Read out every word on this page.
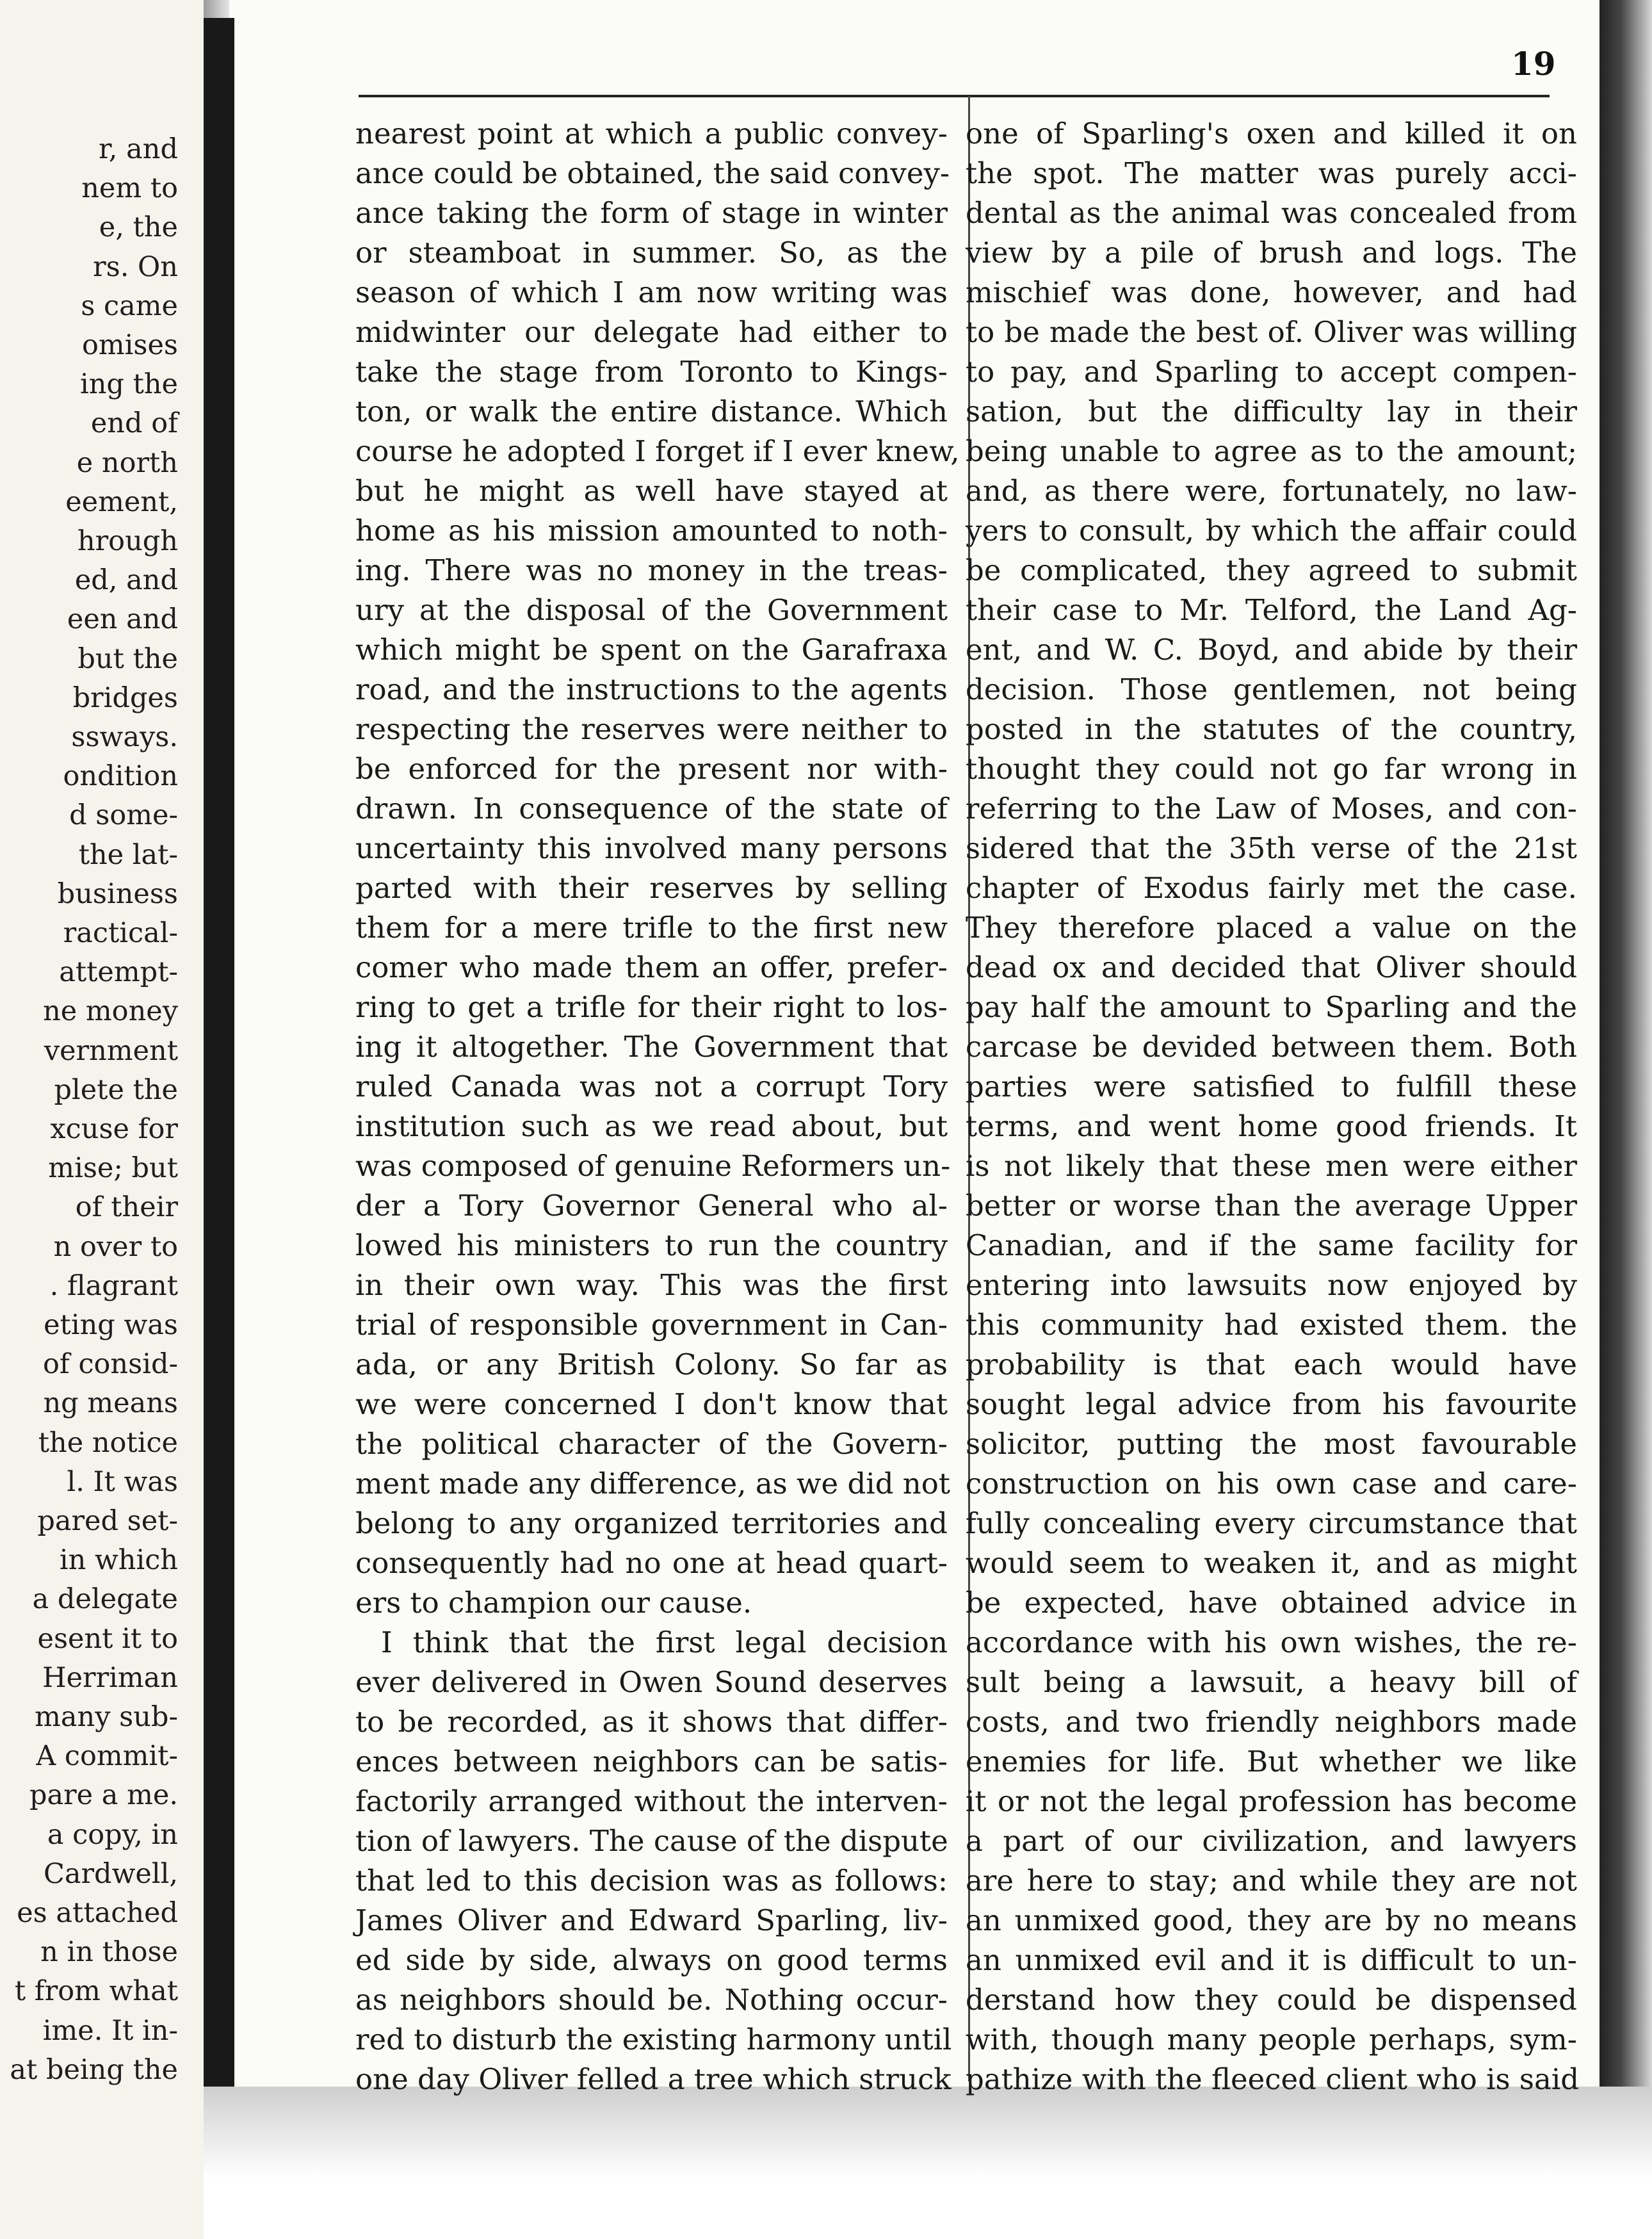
r, and
nem to
e, the
rs. On
s came
omises
ing the
end of
e north
eement,
hrough
ed, and
een and
but the
bridges
ssways.
ondition
d some-
the lat-
business
ractical-
attempt-
ne money
vernment
plete the
xcuse for
mise; but
of their
n over to
. flagrant
eting was
of consid-
ng means
the notice
l. It was
pared set-
in which
a delegate
esent it to
Herriman
many sub-
A commit-
pare a me.
a copy, in
Cardwell,
es attached
n in those
t from what
ime. It in-
at being the
19
nearest point at which a public convey-
ance could be obtained, the said convey-
ance taking the form of stage in winter
or steamboat in summer. So, as the
season of which I am now writing was
midwinter our delegate had either to
take the stage from Toronto to Kings-
ton, or walk the entire distance. Which
course he adopted I forget if I ever knew,
but he might as well have stayed at
home as his mission amounted to noth-
ing. There was no money in the treas-
ury at the disposal of the Government
which might be spent on the Garafraxa
road, and the instructions to the agents
respecting the reserves were neither to
be enforced for the present nor with-
drawn. In consequence of the state of
uncertainty this involved many persons
parted with their reserves by selling
them for a mere trifle to the first new
comer who made them an offer, prefer-
ring to get a trifle for their right to los-
ing it altogether. The Government that
ruled Canada was not a corrupt Tory
institution such as we read about, but
was composed of genuine Reformers un-
der a Tory Governor General who al-
lowed his ministers to run the country
in their own way. This was the first
trial of responsible government in Can-
ada, or any British Colony. So far as
we were concerned I don't know that
the political character of the Govern-
ment made any difference, as we did not
belong to any organized territories and
consequently had no one at head quart-
ers to champion our cause.
I think that the first legal decision
ever delivered in Owen Sound deserves
to be recorded, as it shows that differ-
ences between neighbors can be satis-
factorily arranged without the interven-
tion of lawyers. The cause of the dispute
that led to this decision was as follows:
James Oliver and Edward Sparling, liv-
ed side by side, always on good terms
as neighbors should be. Nothing occur-
red to disturb the existing harmony until
one day Oliver felled a tree which struck
one of Sparling's oxen and killed it on
the spot. The matter was purely acci-
dental as the animal was concealed from
view by a pile of brush and logs. The
mischief was done, however, and had
to be made the best of. Oliver was willing
to pay, and Sparling to accept compen-
sation, but the difficulty lay in their
being unable to agree as to the amount;
and, as there were, fortunately, no law-
yers to consult, by which the affair could
be complicated, they agreed to submit
their case to Mr. Telford, the Land Ag-
ent, and W. C. Boyd, and abide by their
decision. Those gentlemen, not being
posted in the statutes of the country,
thought they could not go far wrong in
referring to the Law of Moses, and con-
sidered that the 35th verse of the 21st
chapter of Exodus fairly met the case.
They therefore placed a value on the
dead ox and decided that Oliver should
pay half the amount to Sparling and the
carcase be devided between them. Both
parties were satisfied to fulfill these
terms, and went home good friends. It
is not likely that these men were either
better or worse than the average Upper
Canadian, and if the same facility for
entering into lawsuits now enjoyed by
this community had existed them. the
probability is that each would have
sought legal advice from his favourite
solicitor, putting the most favourable
construction on his own case and care-
fully concealing every circumstance that
would seem to weaken it, and as might
be expected, have obtained advice in
accordance with his own wishes, the re-
sult being a lawsuit, a heavy bill of
costs, and two friendly neighbors made
enemies for life. But whether we like
it or not the legal profession has become
a part of our civilization, and lawyers
are here to stay; and while they are not
an unmixed good, they are by no means
an unmixed evil and it is difficult to un-
derstand how they could be dispensed
with, though many people perhaps, sym-
pathize with the fleeced client who is said
